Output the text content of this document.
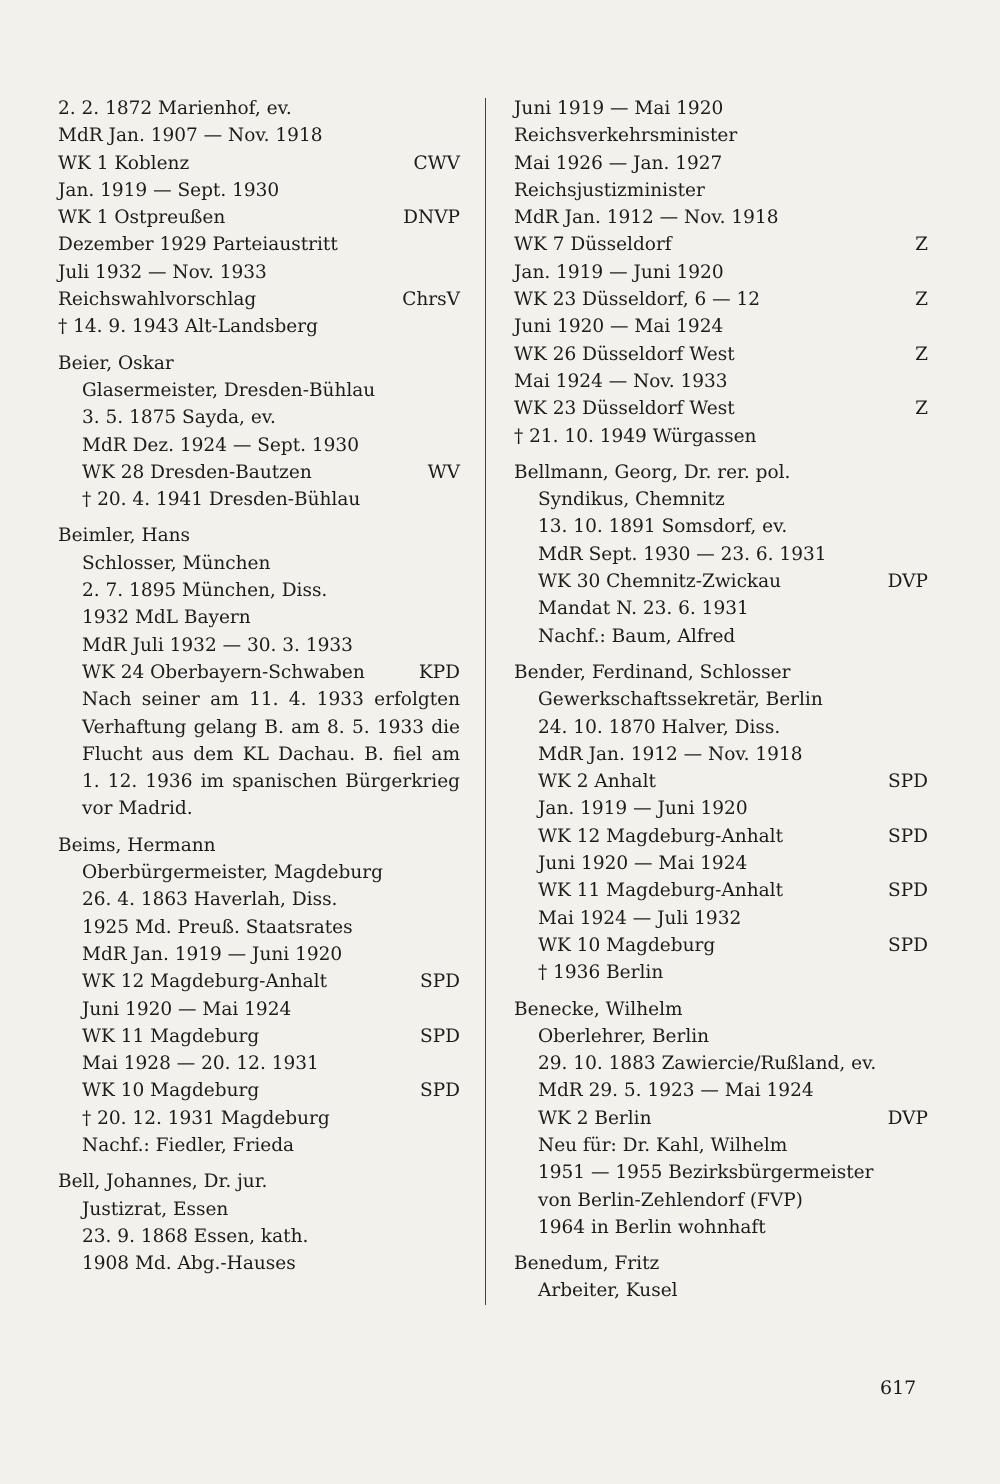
2. 2. 1872 Marienhof, ev.
MdR Jan. 1907 — Nov. 1918
WK 1 Koblenz	CWV
Jan. 1919 — Sept. 1930
WK 1 Ostpreußen	DNVP
Dezember 1929 Parteiaustritt
Juli 1932 — Nov. 1933
Reichswahlvorschlag	ChrsV
† 14. 9. 1943 Alt-Landsberg
Beier, Oskar
Glasermeister, Dresden-Bühlau
3. 5. 1875 Sayda, ev.
MdR Dez. 1924 — Sept. 1930
WK 28 Dresden-Bautzen	WV
† 20. 4. 1941 Dresden-Bühlau
Beimler, Hans
Schlosser, München
2. 7. 1895 München, Diss.
1932 MdL Bayern
MdR Juli 1932 — 30. 3. 1933
WK 24 Oberbayern-Schwaben	KPD
Nach seiner am 11. 4. 1933 erfolgten
Verhaftung gelang B. am 8. 5. 1933 die
Flucht aus dem KL Dachau. B. fiel am
1. 12. 1936 im spanischen Bürgerkrieg
vor Madrid.
Beims, Hermann
Oberbürgermeister, Magdeburg
26. 4. 1863 Haverlah, Diss.
1925 Md. Preuß. Staatsrates
MdR Jan. 1919 — Juni 1920
WK 12 Magdeburg-Anhalt	SPD
Juni 1920 — Mai 1924
WK 11 Magdeburg	SPD
Mai 1928 — 20. 12. 1931
WK 10 Magdeburg	SPD
† 20. 12. 1931 Magdeburg
Nachf.: Fiedler, Frieda
Bell, Johannes, Dr. jur.
Justizrat, Essen
23. 9. 1868 Essen, kath.
1908 Md. Abg.-Hauses
Juni 1919 — Mai 1920
Reichsverkehrsminister
Mai 1926 — Jan. 1927
Reichsjustizminister
MdR Jan. 1912 — Nov. 1918
WK 7 Düsseldorf	Z
Jan. 1919 — Juni 1920
WK 23 Düsseldorf, 6 — 12	Z
Juni 1920 — Mai 1924
WK 26 Düsseldorf West	Z
Mai 1924 — Nov. 1933
WK 23 Düsseldorf West	Z
† 21. 10. 1949 Würgassen
Bellmann, Georg, Dr. rer. pol.
Syndikus, Chemnitz
13. 10. 1891 Somsdorf, ev.
MdR Sept. 1930 — 23. 6. 1931
WK 30 Chemnitz-Zwickau	DVP
Mandat N. 23. 6. 1931
Nachf.: Baum, Alfred
Bender, Ferdinand, Schlosser
Gewerkschaftssekretär, Berlin
24. 10. 1870 Halver, Diss.
MdR Jan. 1912 — Nov. 1918
WK 2 Anhalt	SPD
Jan. 1919 — Juni 1920
WK 12 Magdeburg-Anhalt	SPD
Juni 1920 — Mai 1924
WK 11 Magdeburg-Anhalt	SPD
Mai 1924 — Juli 1932
WK 10 Magdeburg	SPD
† 1936 Berlin
Benecke, Wilhelm
Oberlehrer, Berlin
29. 10. 1883 Zawiercie/Rußland, ev.
MdR 29. 5. 1923 — Mai 1924
WK 2 Berlin	DVP
Neu für: Dr. Kahl, Wilhelm
1951 — 1955 Bezirksbürgermeister
von Berlin-Zehlendorf (FVP)
1964 in Berlin wohnhaft
Benedum, Fritz
Arbeiter, Kusel
617
